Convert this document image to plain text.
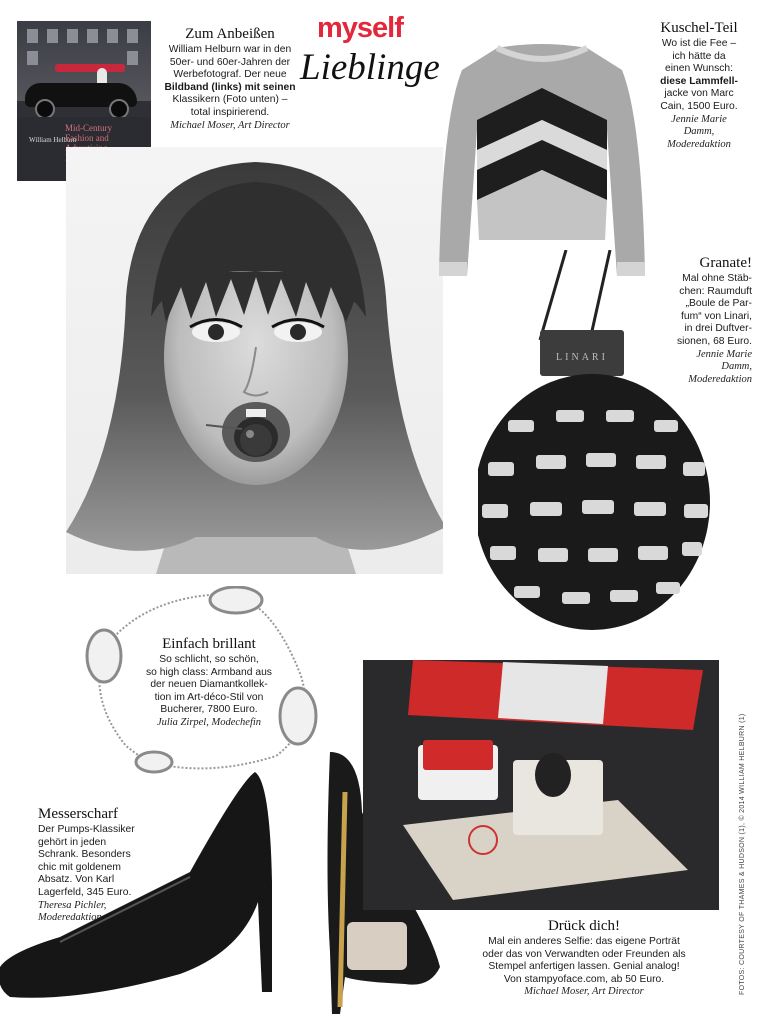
myself
Lieblinge
William Helburn
Mid-Century
Fashion and
Zum Anbeißen
William Helburn war in den
50er- und 60er-Jahren der
Werbefotograf. Der neue
Bildband (links) mit seinen
Klassikern (Foto unten) –
total inspirierend.
Michael Moser, Art Director
Kuschel-Teil
Wo ist die Fee –
ich hätte da
einen Wunsch:
diese Lammfell-
jacke von Marc
Cain, 1500 Euro.
Jennie Marie
Damm,
Moderedaktion
Granate!
Mal ohne Stäb-
chen: Raumduft
„Boule de Par-
fum“ von Linari,
in drei Duftver-
sionen, 68 Euro.
Jennie Marie
Damm,
Moderedaktion
LINARI
Einfach brillant
So schlicht, so schön,
so high class: Armband aus
der neuen Diamantkollek-
tion im Art-déco-Stil von
Bucherer, 7800 Euro.
Julia Zirpel, Modechefin
Messerscharf
Der Pumps-Klassiker
gehört in jeden
Schrank. Besonders
chic mit goldenem
Absatz. Von Karl
Lagerfeld, 345 Euro.
Theresa Pichler,
Moderedaktion
Drück dich!
Mal ein anderes Selfie: das eigene Porträt
oder das von Verwandten oder Freunden als
Stempel anfertigen lassen. Genial analog!
Von stampyoface.com, ab 50 Euro.
Michael Moser, Art Director	FOTOS: COURTESY OF THAMES & HUDSON (1), © 2014 WILLIAM HELBURN (1)
